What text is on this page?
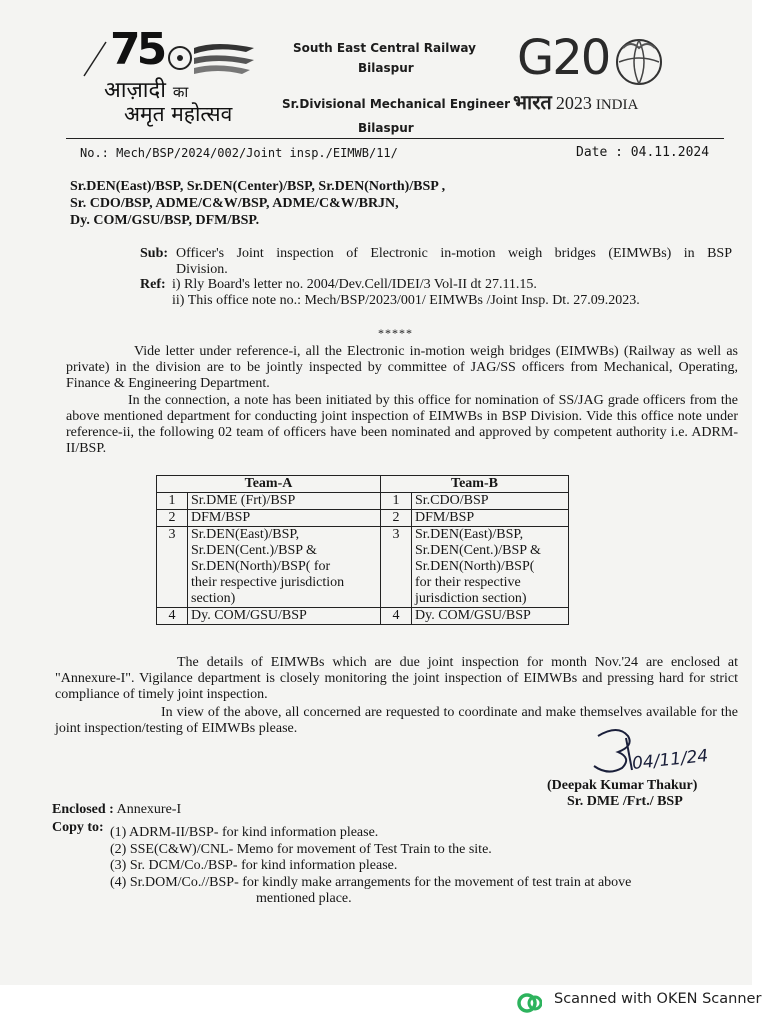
75
आज़ादी का
अमृत महोत्सव
South East Central Railway
Bilaspur
Sr.Divisional Mechanical Engineer
Bilaspur
G20
भारत 2023 INDIA
No.: Mech/BSP/2024/002/Joint insp./EIMWB/11/	Date : 04.11.2024
Sr.DEN(East)/BSP, Sr.DEN(Center)/BSP, Sr.DEN(North)/BSP ,
Sr. CDO/BSP, ADME/C&W/BSP, ADME/C&W/BRJN,
Dy. COM/GSU/BSP, DFM/BSP.
Sub: Officer's Joint inspection of Electronic in-motion weigh bridges (EIMWBs) in BSP
Division.
Ref: i) Rly Board's letter no. 2004/Dev.Cell/IDEI/3 Vol-II dt 27.11.15.
ii) This office note no.: Mech/BSP/2023/001/ EIMWBs /Joint Insp. Dt. 27.09.2023.
*****
Vide letter under reference-i, all the Electronic in-motion weigh bridges (EIMWBs) (Railway as well as private) in the division are to be jointly inspected by committee of JAG/SS officers from Mechanical, Operating, Finance & Engineering Department.
In the connection, a note has been initiated by this office for nomination of SS/JAG grade officers from the above mentioned department for conducting joint inspection of EIMWBs in BSP Division. Vide this office note under reference-ii, the following 02 team of officers have been nominated and approved by competent authority i.e. ADRM-II/BSP.
Team-A		Team-B	
1	Sr.DME (Frt)/BSP	1	Sr.CDO/BSP
2	DFM/BSP	2	DFM/BSP
3	Sr.DEN(East)/BSP,
Sr.DEN(Cent.)/BSP &
Sr.DEN(North)/BSP( for
their respective jurisdiction
section)	3	Sr.DEN(East)/BSP,
Sr.DEN(Cent.)/BSP &
Sr.DEN(North)/BSP(
for their respective
jurisdiction section)
4	Dy. COM/GSU/BSP	4	Dy. COM/GSU/BSP
The details of EIMWBs which are due joint inspection for month Nov.'24 are enclosed at "Annexure-I". Vigilance department is closely monitoring the joint inspection of EIMWBs and pressing hard for strict compliance of timely joint inspection.
In view of the above, all concerned are requested to coordinate and make themselves available for the joint inspection/testing of EIMWBs please.
04/11/24
(Deepak Kumar Thakur)
Sr. DME /Frt./ BSP
Enclosed : Annexure-I
Copy to: (1) ADRM-II/BSP- for kind information please.
(2) SSE(C&W)/CNL- Memo for movement of Test Train to the site.
(3) Sr. DCM/Co./BSP- for kind information please.
(4) Sr.DOM/Co.//BSP- for kindly make arrangements for the movement of test train at above
mentioned place.
Scanned with OKEN Scanner
